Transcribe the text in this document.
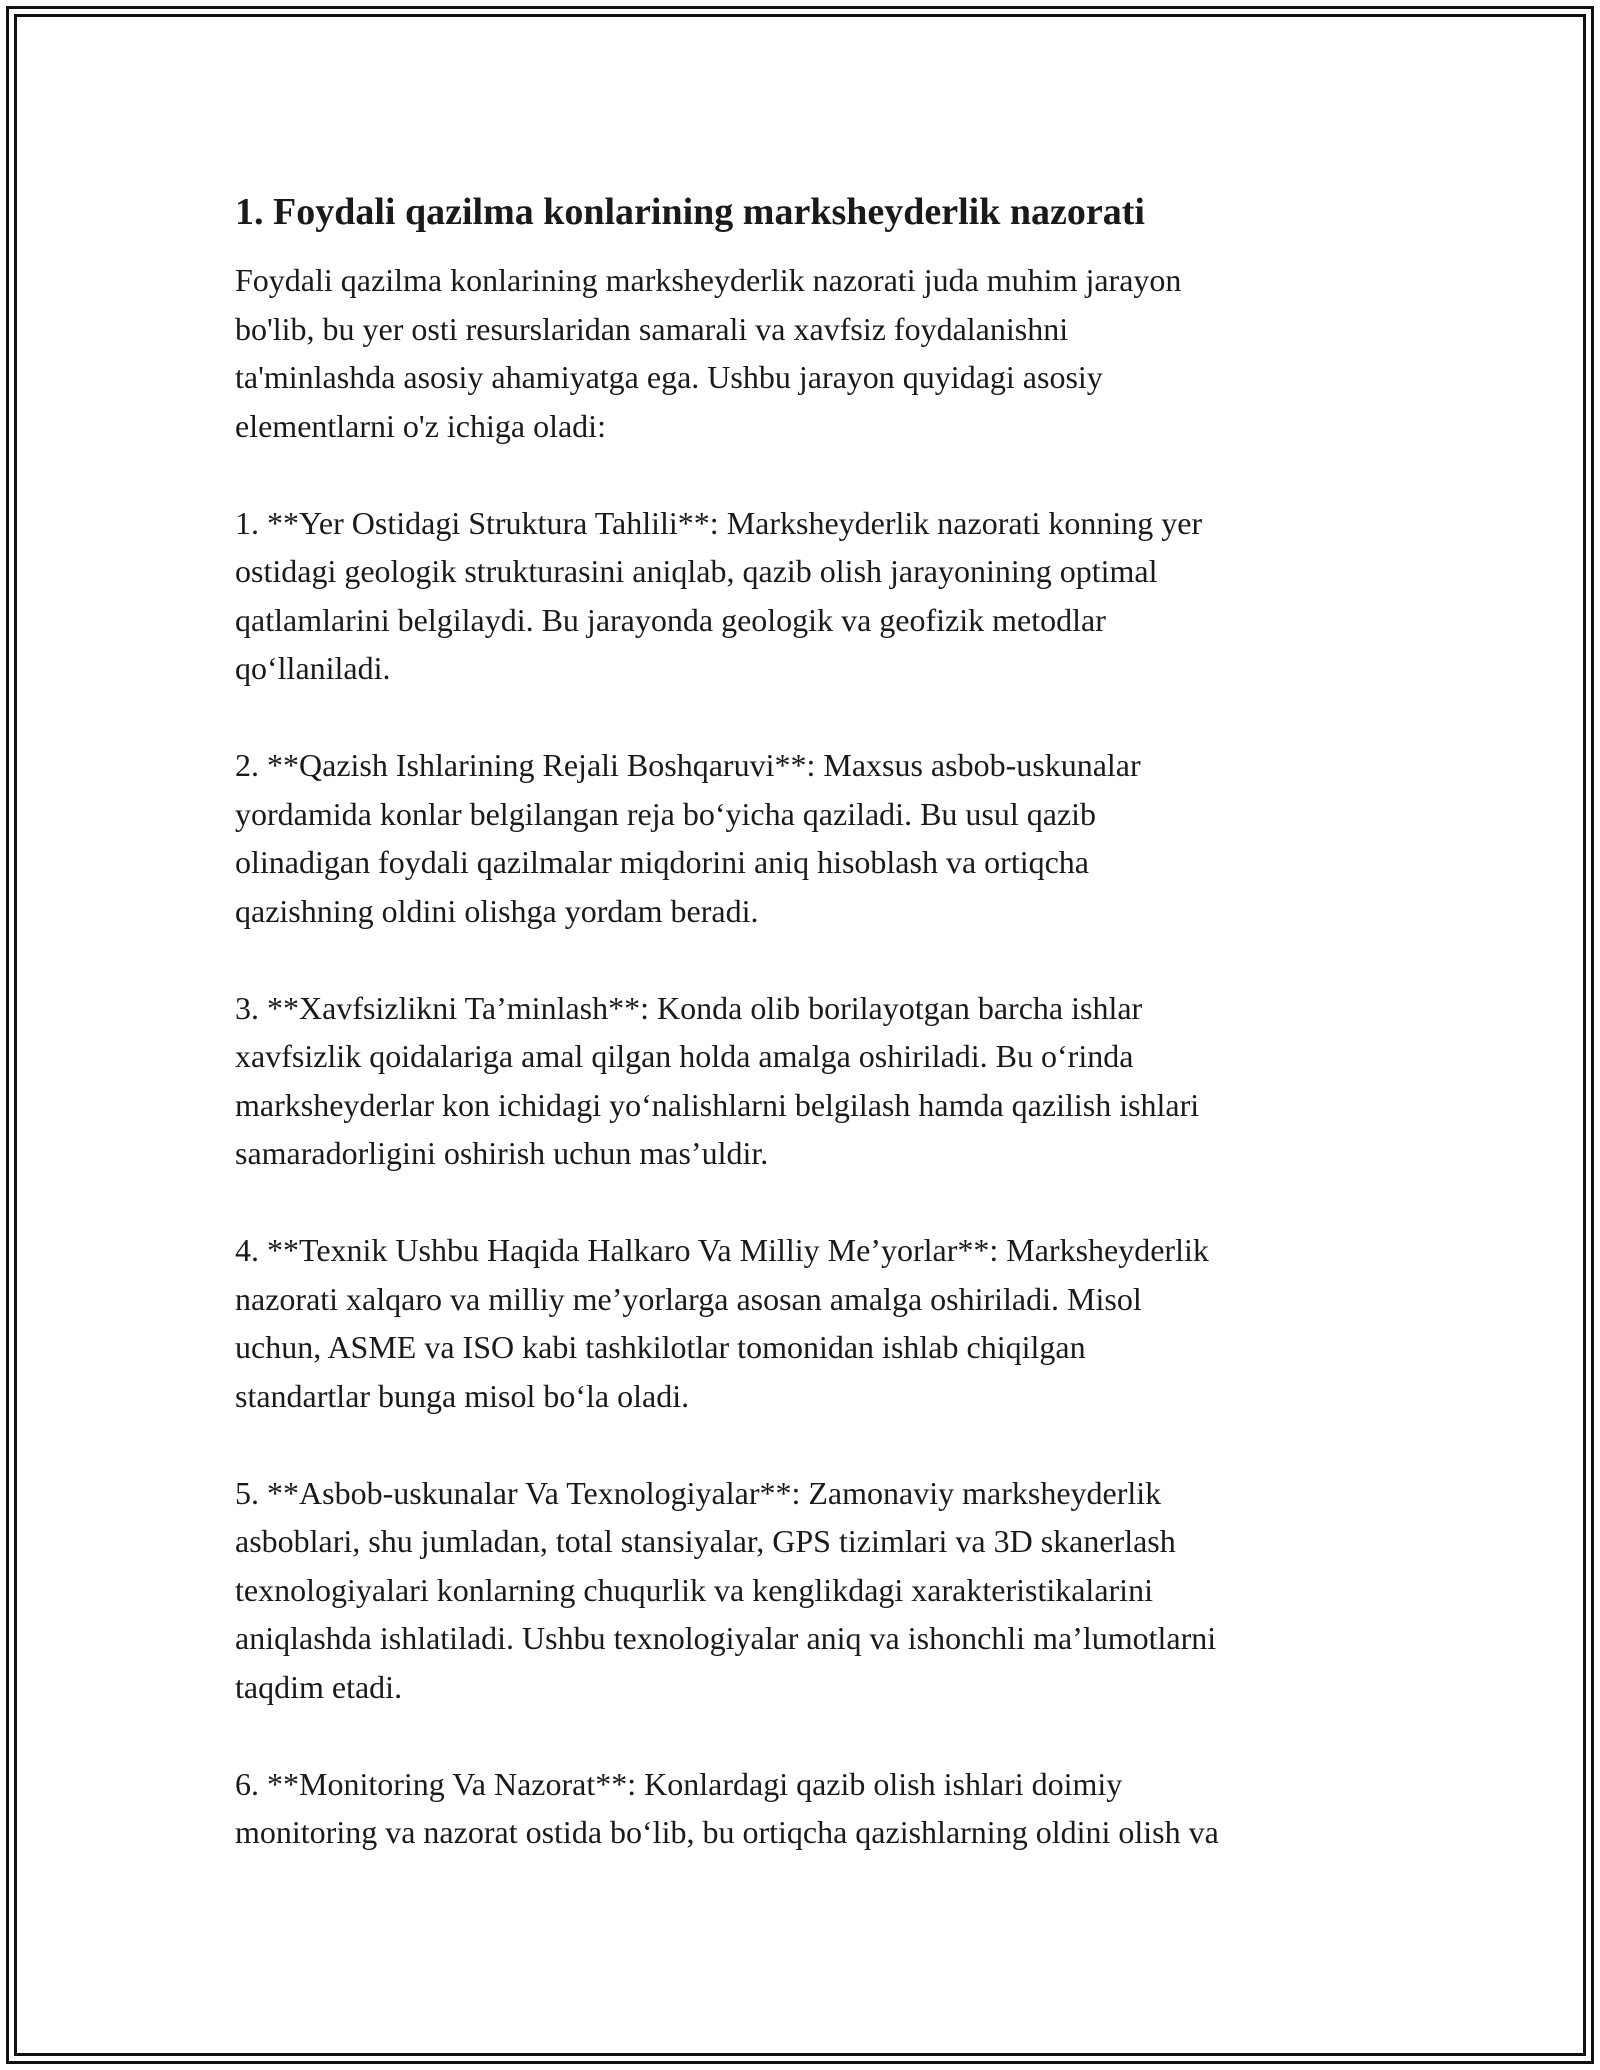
1. Foydali qazilma konlarining marksheyderlik nazorati
Foydali qazilma konlarining marksheyderlik nazorati juda muhim jarayon
bo'lib, bu yer osti resurslaridan samarali va xavfsiz foydalanishni
ta'minlashda asosiy ahamiyatga ega. Ushbu jarayon quyidagi asosiy
elementlarni o'z ichiga oladi:
1. **Yer Ostidagi Struktura Tahlili**: Marksheyderlik nazorati konning yer
ostidagi geologik strukturasini aniqlab, qazib olish jarayonining optimal
qatlamlarini belgilaydi. Bu jarayonda geologik va geofizik metodlar
qo‘llaniladi.
2. **Qazish Ishlarining Rejali Boshqaruvi**: Maxsus asbob-uskunalar
yordamida konlar belgilangan reja bo‘yicha qaziladi. Bu usul qazib
olinadigan foydali qazilmalar miqdorini aniq hisoblash va ortiqcha
qazishning oldini olishga yordam beradi.
3. **Xavfsizlikni Ta’minlash**: Konda olib borilayotgan barcha ishlar
xavfsizlik qoidalariga amal qilgan holda amalga oshiriladi. Bu o‘rinda
marksheyderlar kon ichidagi yo‘nalishlarni belgilash hamda qazilish ishlari
samaradorligini oshirish uchun mas’uldir.
4. **Texnik Ushbu Haqida Halkaro Va Milliy Me’yorlar**: Marksheyderlik
nazorati xalqaro va milliy me’yorlarga asosan amalga oshiriladi. Misol
uchun, ASME va ISO kabi tashkilotlar tomonidan ishlab chiqilgan
standartlar bunga misol bo‘la oladi.
5. **Asbob-uskunalar Va Texnologiyalar**: Zamonaviy marksheyderlik
asboblari, shu jumladan, total stansiyalar, GPS tizimlari va 3D skanerlash
texnologiyalari konlarning chuqurlik va kenglikdagi xarakteristikalarini
aniqlashda ishlatiladi. Ushbu texnologiyalar aniq va ishonchli ma’lumotlarni
taqdim etadi.
6. **Monitoring Va Nazorat**: Konlardagi qazib olish ishlari doimiy
monitoring va nazorat ostida bo‘lib, bu ortiqcha qazishlarning oldini olish va
